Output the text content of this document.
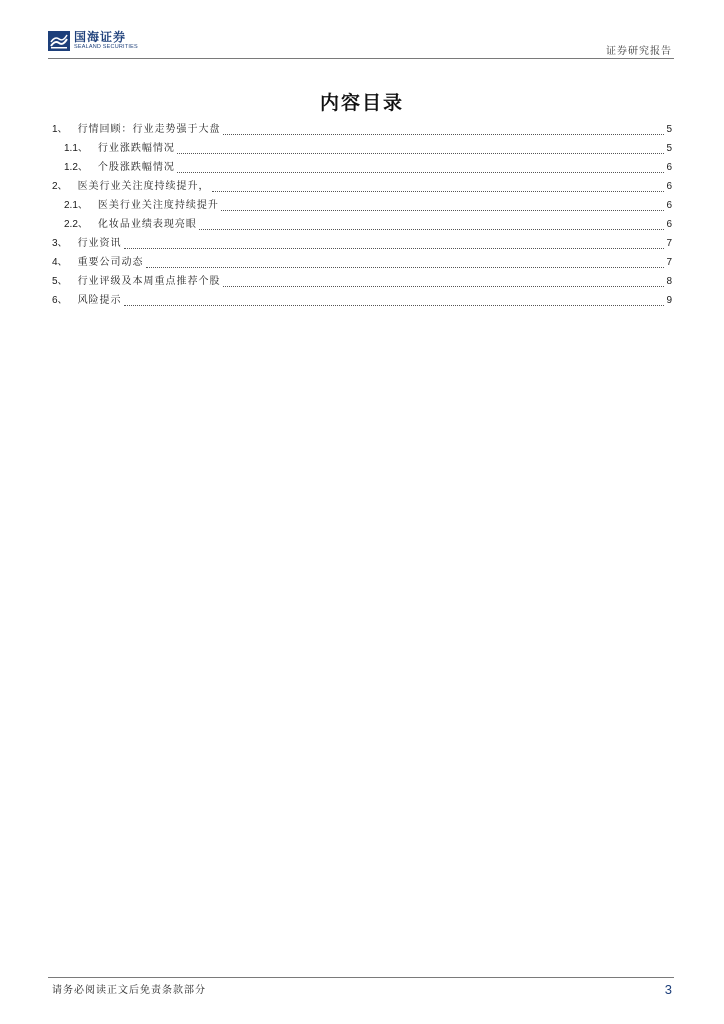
国海证券
SEALAND SECURITIES	证券研究报告
内容目录
1、 行情回顾：行业走势强于大盘	5
1.1、 行业涨跌幅情况	5
1.2、 个股涨跌幅情况	6
2、 医美行业关注度持续提升，	6
2.1、 医美行业关注度持续提升	6
2.2、 化妆品业绩表现亮眼	6
3、 行业资讯	7
4、 重要公司动态	7
5、 行业评级及本周重点推荐个股	8
6、 风险提示	9
请务必阅读正文后免责条款部分	3
